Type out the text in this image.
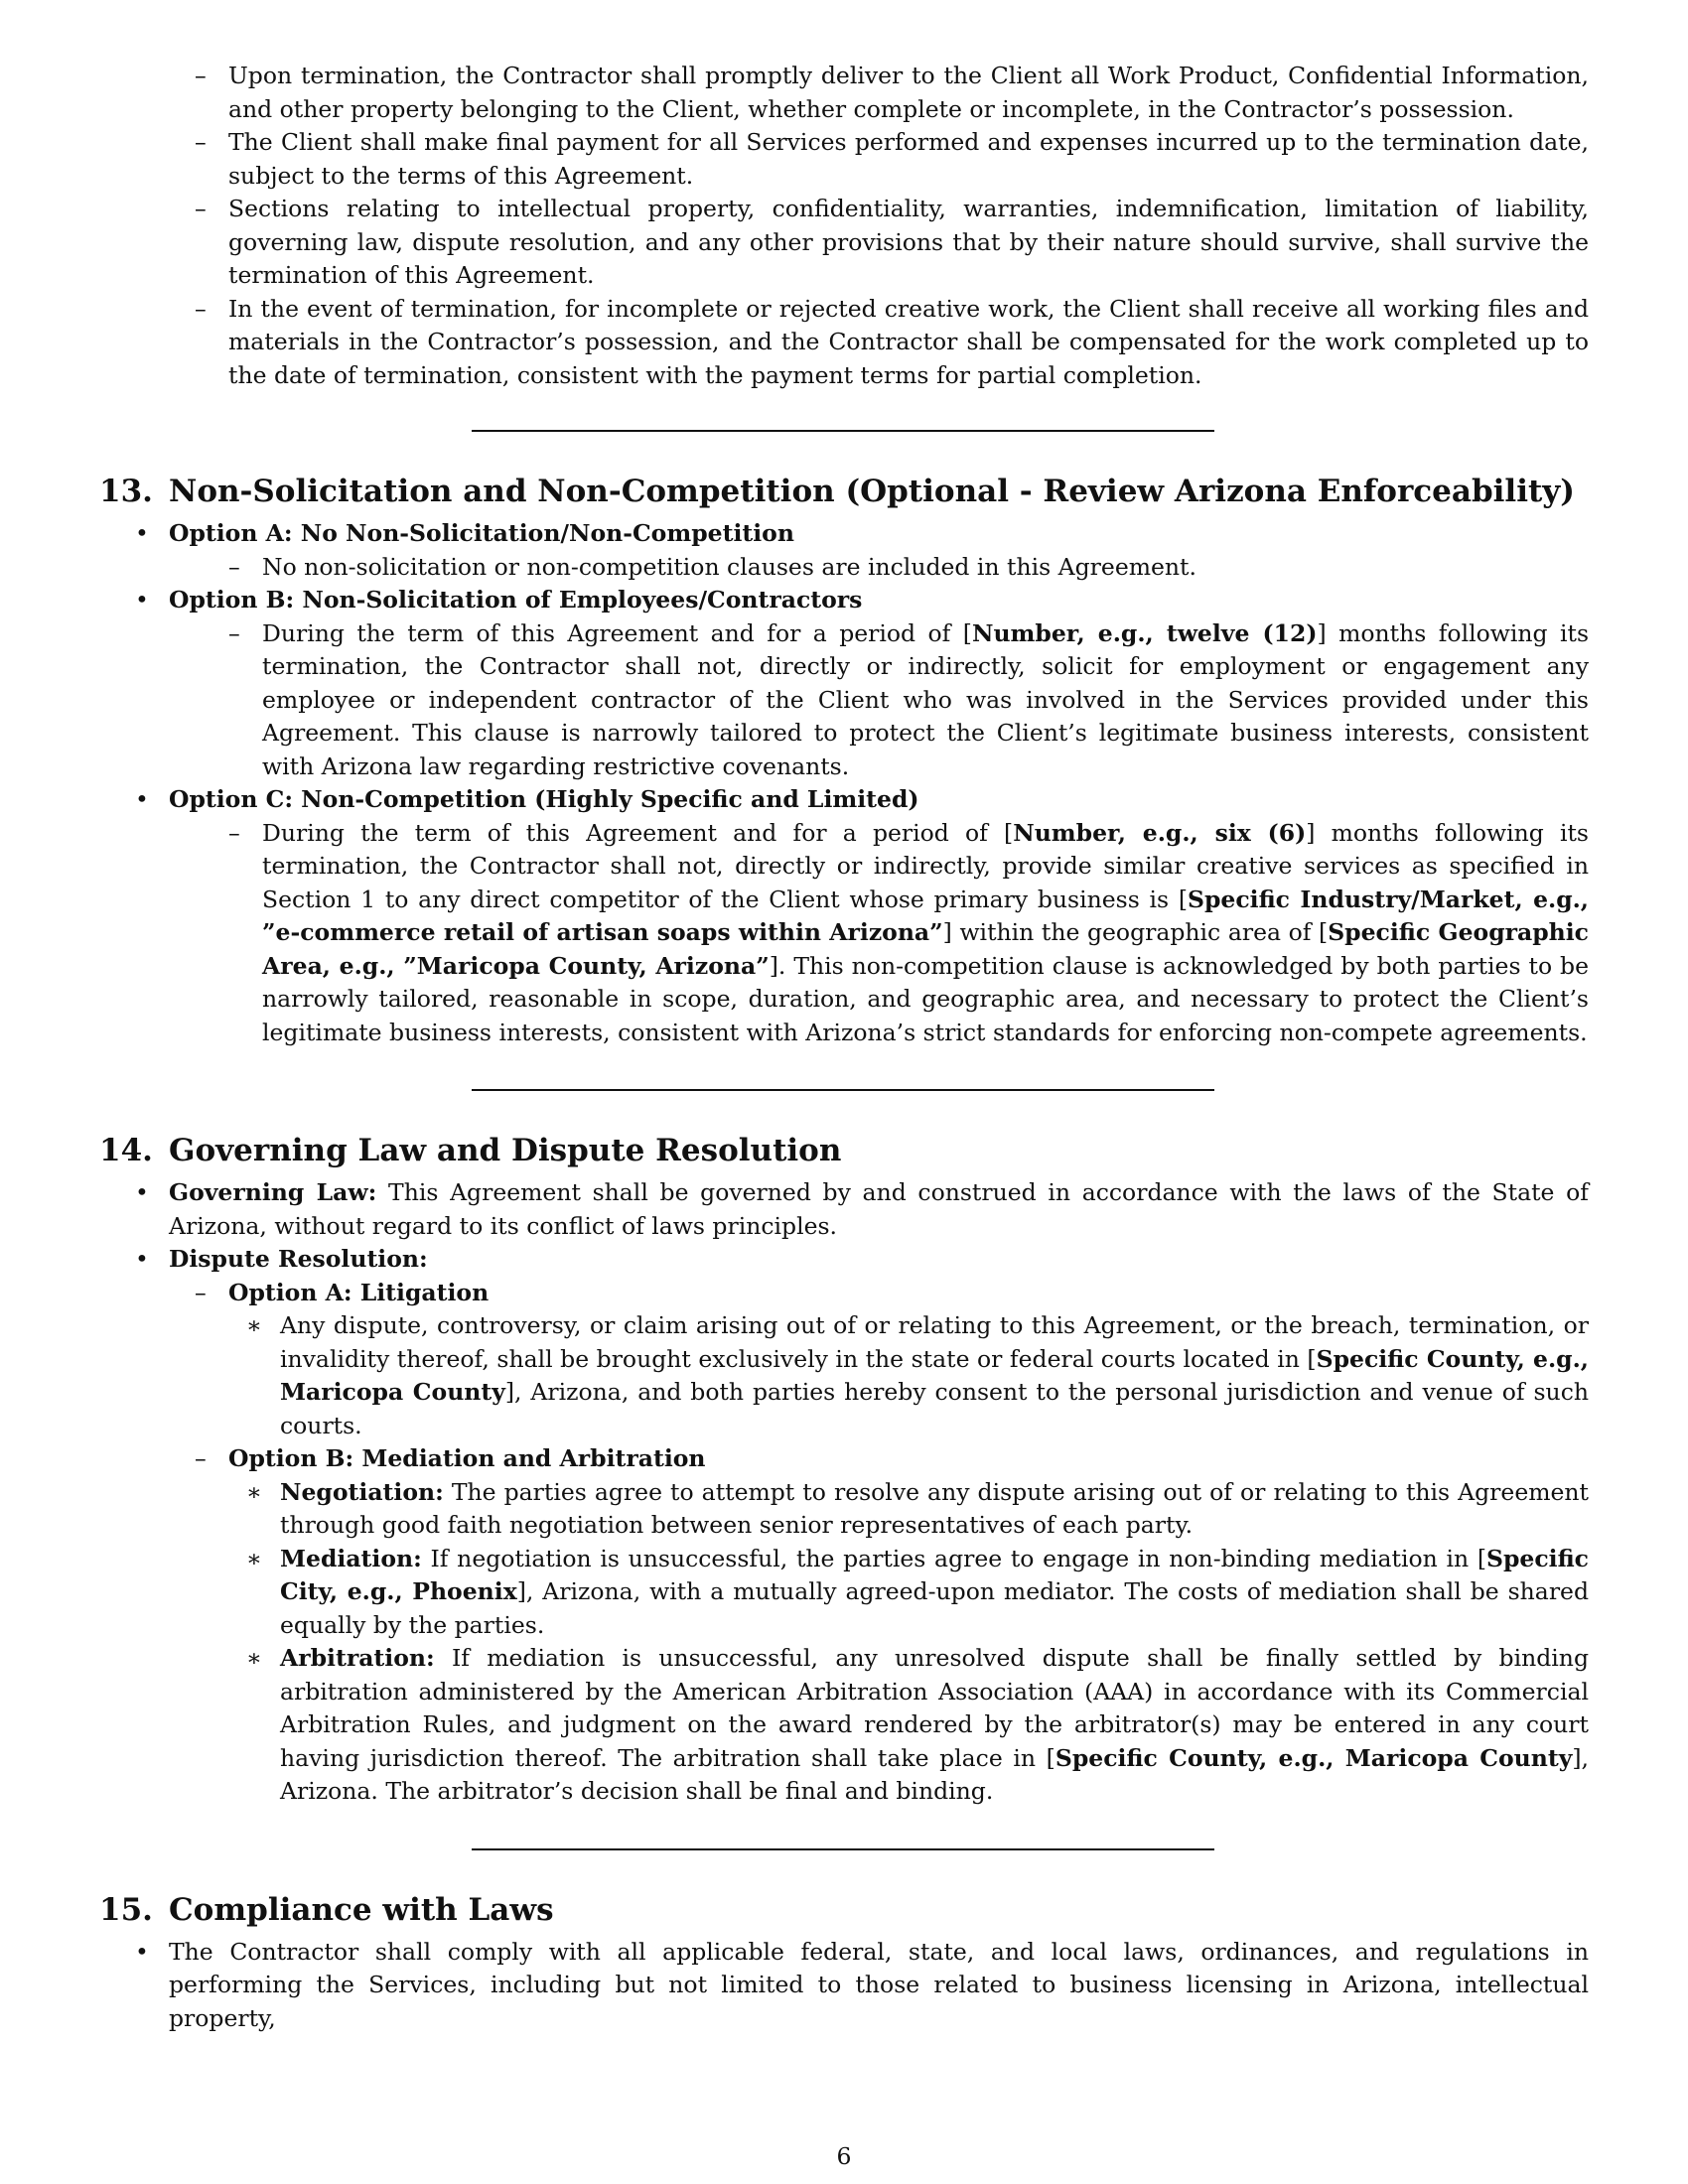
– Upon termination, the Contractor shall promptly deliver to the Client all Work Product, Confidential Information, and other property belonging to the Client, whether complete or incomplete, in the Contractor’s possession.
– The Client shall make final payment for all Services performed and expenses incurred up to the termination date, subject to the terms of this Agreement.
– Sections relating to intellectual property, confidentiality, warranties, indemnification, limitation of liability, governing law, dispute resolution, and any other provisions that by their nature should survive, shall survive the termination of this Agreement.
– In the event of termination, for incomplete or rejected creative work, the Client shall receive all working files and materials in the Contractor’s possession, and the Contractor shall be compensated for the work completed up to the date of termination, consistent with the payment terms for partial completion.
13. Non-Solicitation and Non-Competition (Optional - Review Arizona Enforceability)
• Option A: No Non-Solicitation/Non-Competition
– No non-solicitation or non-competition clauses are included in this Agreement.
• Option B: Non-Solicitation of Employees/Contractors
– During the term of this Agreement and for a period of [Number, e.g., twelve (12)] months following its termination, the Contractor shall not, directly or indirectly, solicit for employment or engagement any employee or independent contractor of the Client who was involved in the Services provided under this Agreement. This clause is narrowly tailored to protect the Client’s legitimate business interests, consistent with Arizona law regarding restrictive covenants.
• Option C: Non-Competition (Highly Specific and Limited)
– During the term of this Agreement and for a period of [Number, e.g., six (6)] months following its termination, the Contractor shall not, directly or indirectly, provide similar creative services as specified in Section 1 to any direct competitor of the Client whose primary business is [Specific Industry/Market, e.g., ”e-commerce retail of artisan soaps within Arizona”] within the geographic area of [Specific Geographic Area, e.g., ”Maricopa County, Arizona”]. This non-competition clause is acknowledged by both parties to be narrowly tailored, reasonable in scope, duration, and geographic area, and necessary to protect the Client’s legitimate business interests, consistent with Arizona’s strict standards for enforcing non-compete agreements.
14. Governing Law and Dispute Resolution
• Governing Law: This Agreement shall be governed by and construed in accordance with the laws of the State of Arizona, without regard to its conflict of laws principles.
• Dispute Resolution:
– Option A: Litigation
∗ Any dispute, controversy, or claim arising out of or relating to this Agreement, or the breach, termination, or invalidity thereof, shall be brought exclusively in the state or federal courts located in [Specific County, e.g., Maricopa County], Arizona, and both parties hereby consent to the personal jurisdiction and venue of such courts.
– Option B: Mediation and Arbitration
∗ Negotiation: The parties agree to attempt to resolve any dispute arising out of or relating to this Agreement through good faith negotiation between senior representatives of each party.
∗ Mediation: If negotiation is unsuccessful, the parties agree to engage in non-binding mediation in [Specific City, e.g., Phoenix], Arizona, with a mutually agreed-upon mediator. The costs of mediation shall be shared equally by the parties.
∗ Arbitration: If mediation is unsuccessful, any unresolved dispute shall be finally settled by binding arbitration administered by the American Arbitration Association (AAA) in accordance with its Commercial Arbitration Rules, and judgment on the award rendered by the arbitrator(s) may be entered in any court having jurisdiction thereof. The arbitration shall take place in [Specific County, e.g., Maricopa County], Arizona. The arbitrator’s decision shall be final and binding.
15. Compliance with Laws
• The Contractor shall comply with all applicable federal, state, and local laws, ordinances, and regulations in performing the Services, including but not limited to those related to business licensing in Arizona, intellectual property,
6
